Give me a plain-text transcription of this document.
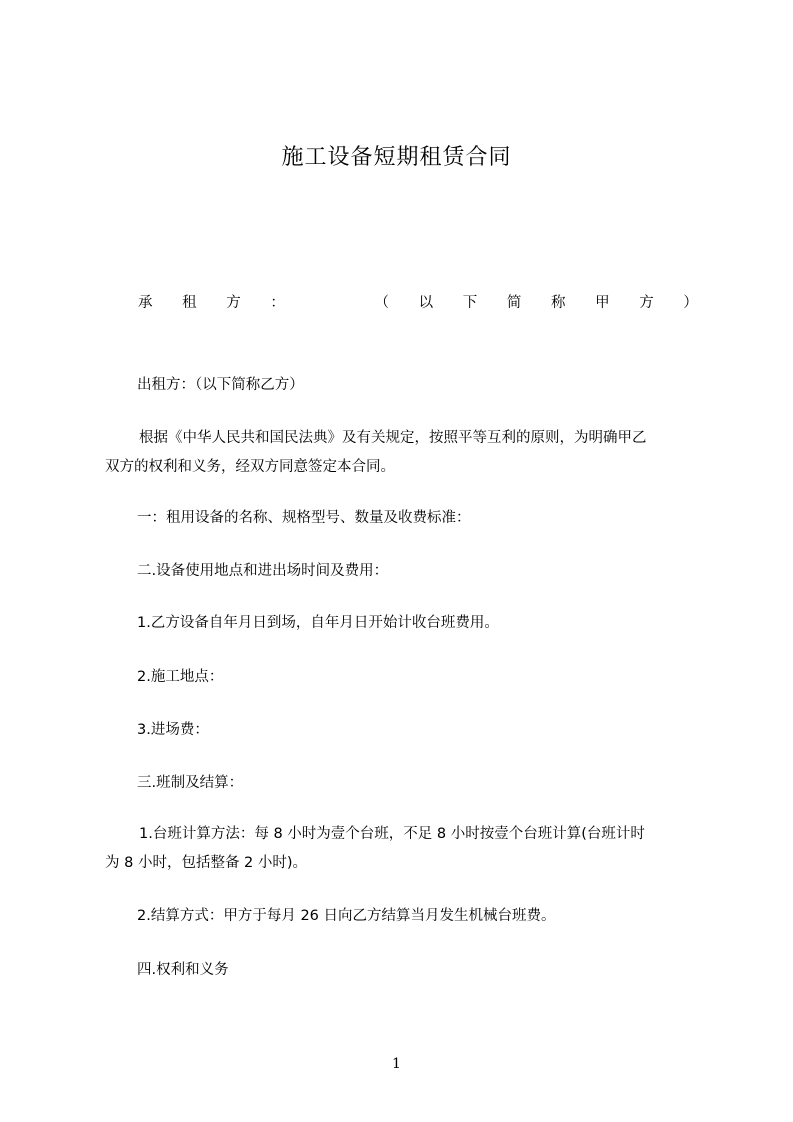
施工设备短期租赁合同
承 租 方 ：	（ 以 下 简 称 甲 方 ）
出租方：（以下简称乙方）
根据《中华人民共和国民法典》及有关规定，按照平等互利的原则，为明确甲乙
双方的权利和义务，经双方同意签定本合同。
一：租用设备的名称、规格型号、数量及收费标准：
二.设备使用地点和进出场时间及费用：
1.乙方设备自年月日到场，自年月日开始计收台班费用。
2.施工地点：
3.进场费：
三.班制及结算：
1.台班计算方法：每 8 小时为壹个台班，不足 8 小时按壹个台班计算(台班计时
为 8 小时，包括整备 2 小时)。
2.结算方式：甲方于每月 26 日向乙方结算当月发生机械台班费。
四.权利和义务
1
